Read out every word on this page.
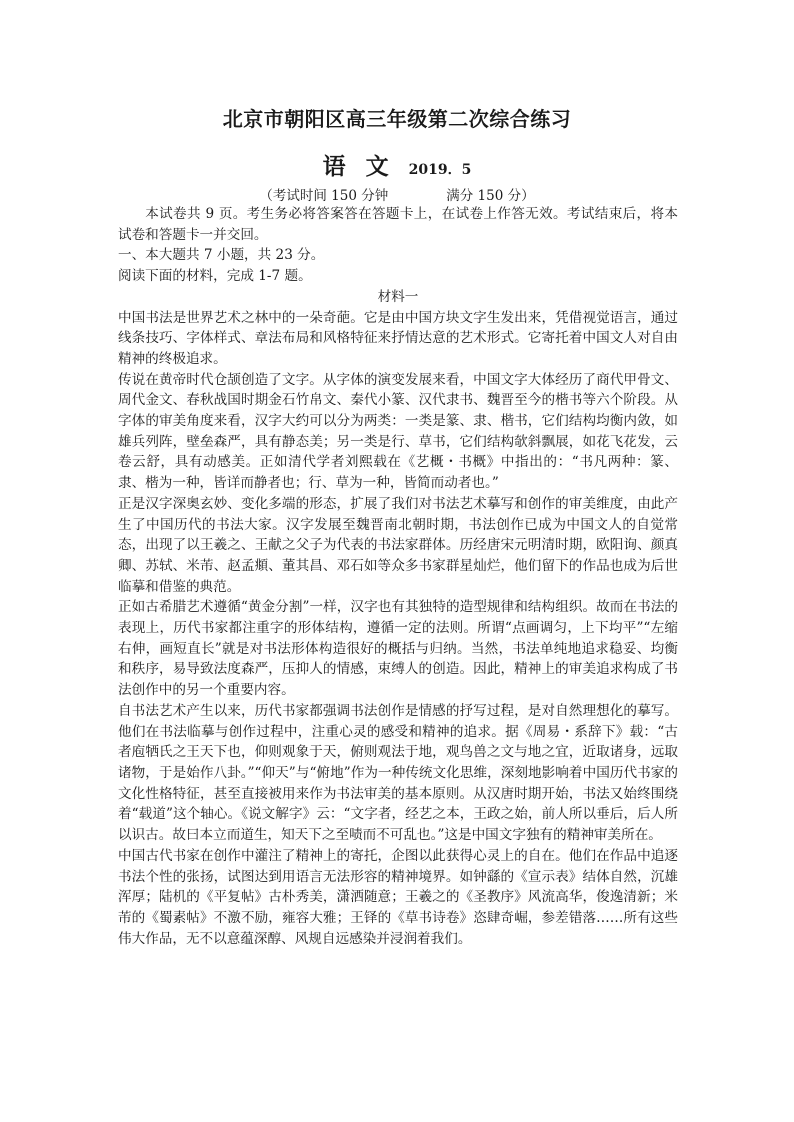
北京市朝阳区高三年级第二次综合练习
语 文 2019．5
（考试时间 150 分钟	满分 150 分）

本试卷共 9 页。考生务必将答案答在答题卡上，在试卷上作答无效。考试结束后，将本试卷和答题卡一并交回。

一、本大题共 7 小题，共 23 分。

阅读下面的材料，完成 1-7 题。

材料一

中国书法是世界艺术之林中的一朵奇葩。它是由中国方块文字生发出来，凭借视觉语言，通过线条技巧、字体样式、章法布局和风格特征来抒情达意的艺术形式。它寄托着中国文人对自由精神的终极追求。

传说在黄帝时代仓颉创造了文字。从字体的演变发展来看，中国文字大体经历了商代甲骨文、周代金文、春秋战国时期金石竹帛文、秦代小篆、汉代隶书、魏晋至今的楷书等六个阶段。从字体的审美角度来看，汉字大约可以分为两类：一类是篆、隶、楷书，它们结构均衡内敛，如雄兵列阵，壁垒森严，具有静态美；另一类是行、草书，它们结构欹斜飘展，如花飞花发，云卷云舒，具有动感美。正如清代学者刘熙载在《艺概・书概》中指出的：“书凡两种：篆、隶、楷为一种，皆详而静者也；行、草为一种，皆简而动者也。”

正是汉字深奥玄妙、变化多端的形态，扩展了我们对书法艺术摹写和创作的审美维度，由此产生了中国历代的书法大家。汉字发展至魏晋南北朝时期，书法创作已成为中国文人的自觉常态，出现了以王羲之、王献之父子为代表的书法家群体。历经唐宋元明清时期，欧阳询、颜真卿、苏轼、米芾、赵孟頫、董其昌、邓石如等众多书家群星灿烂，他们留下的作品也成为后世临摹和借鉴的典范。

正如古希腊艺术遵循“黄金分割”一样，汉字也有其独特的造型规律和结构组织。故而在书法的表现上，历代书家都注重字的形体结构，遵循一定的法则。所谓“点画调匀，上下均平”“左缩右伸，画短直长”就是对书法形体构造很好的概括与归纳。当然，书法单纯地追求稳妥、均衡和秩序，易导致法度森严，压抑人的情感，束缚人的创造。因此，精神上的审美追求构成了书法创作中的另一个重要内容。

自书法艺术产生以来，历代书家都强调书法创作是情感的抒写过程，是对自然理想化的摹写。他们在书法临摹与创作过程中，注重心灵的感受和精神的追求。据《周易・系辞下》载：“古者庖牺氏之王天下也，仰则观象于天，俯则观法于地，观鸟兽之文与地之宜，近取诸身，远取诸物，于是始作八卦。”“仰天”与“俯地”作为一种传统文化思维，深刻地影响着中国历代书家的文化性格特征，甚至直接被用来作为书法审美的基本原则。从汉唐时期开始，书法又始终围绕着“载道”这个轴心。《说文解字》云：“文字者，经艺之本，王政之始，前人所以垂后，后人所以识古。故曰本立而道生，知天下之至啧而不可乱也。”这是中国文字独有的精神审美所在。

中国古代书家在创作中灌注了精神上的寄托，企图以此获得心灵上的自在。他们在作品中追逐书法个性的张扬，试图达到用语言无法形容的精神境界。如钟繇的《宣示表》结体自然，沉雄浑厚；陆机的《平复帖》古朴秀美，潇洒随意；王羲之的《圣教序》风流高华，俊逸清新；米芾的《蜀素帖》不激不励，雍容大雅；王铎的《草书诗卷》恣肆奇崛，参差错落……所有这些伟大作品，无不以意蕴深醇、风规自远感染并浸润着我们。
